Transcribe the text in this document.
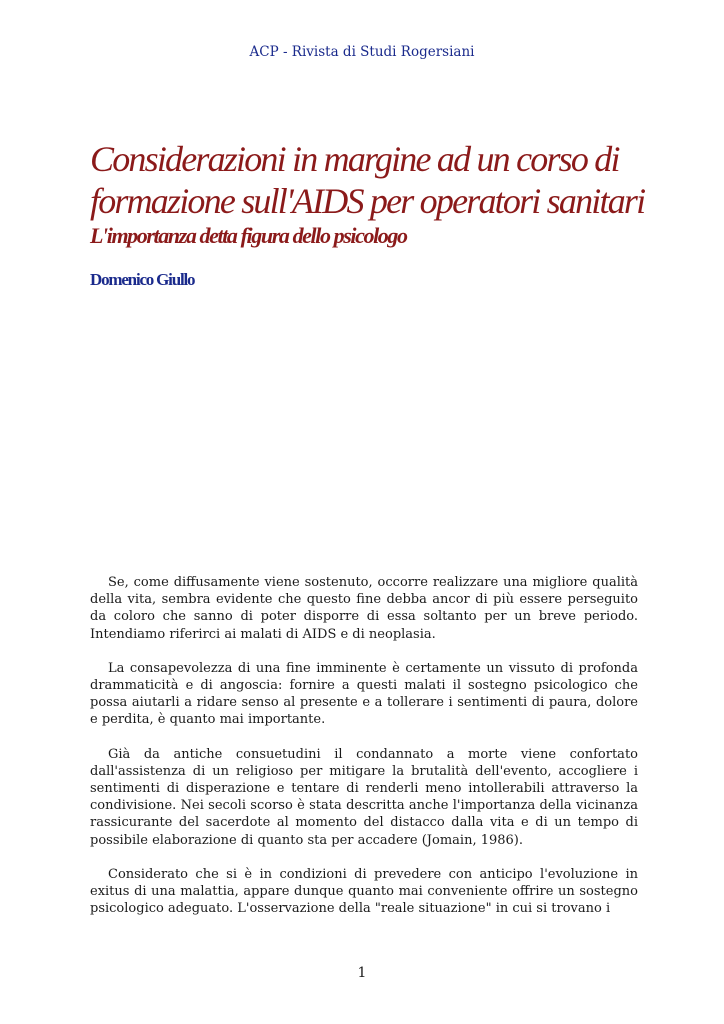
ACP - Rivista di Studi Rogersiani
Considerazioni in margine ad un corso di
formazione sull'AIDS per operatori sanitari
L'importanza detta figura dello psicologo
Domenico Giullo

Se, come diffusamente viene sostenuto, occorre realizzare una migliore qualità della vita, sembra evidente che questo fine debba ancor di più essere perseguito da coloro che sanno di poter disporre di essa soltanto per un breve periodo. Intendiamo riferirci ai malati di AIDS e di neoplasia.

La consapevolezza di una fine imminente è certamente un vissuto di profonda drammaticità e di angoscia: fornire a questi malati il sostegno psicologico che possa aiutarli a ridare senso al presente e a tollerare i sentimenti di paura, dolore e perdita, è quanto mai importante.

Già da antiche consuetudini il condannato a morte viene confortato dall'assistenza di un religioso per mitigare la brutalità dell'evento, accogliere i sentimenti di disperazione e tentare di renderli meno intollerabili attraverso la condivisione. Nei secoli scorso è stata descritta anche l'importanza della vicinanza rassicurante del sacerdote al momento del distacco dalla vita e di un tempo di possibile elaborazione di quanto sta per accadere (Jomain, 1986).

Considerato che si è in condizioni di prevedere con anticipo l'evoluzione in exitus di una malattia, appare dunque quanto mai conveniente offrire un sostegno psicologico adeguato. L'osservazione della "reale situazione" in cui si trovano i

1
